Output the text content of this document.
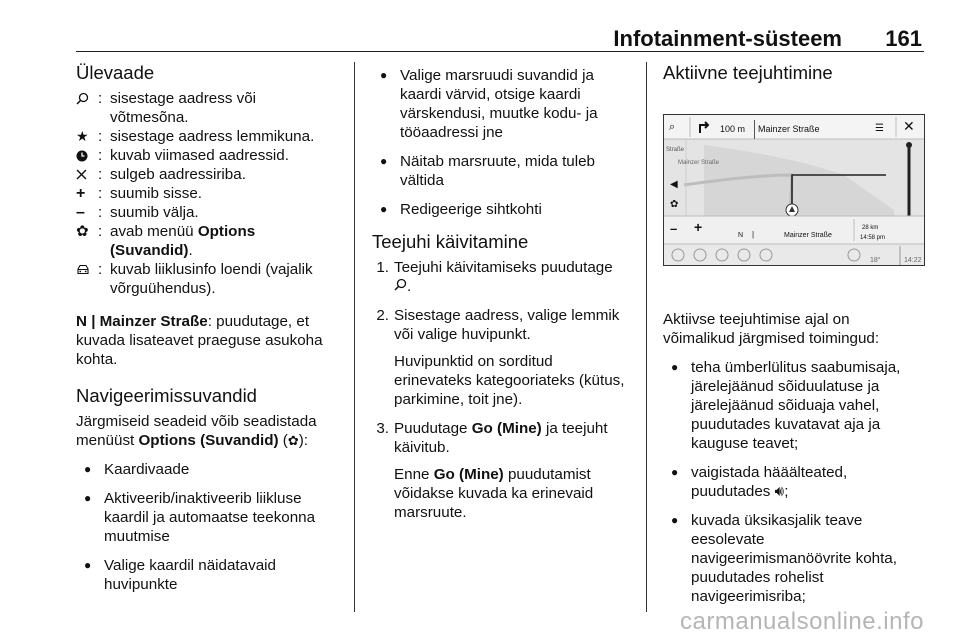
Infotainment-süsteem 161
Ülevaade
: sisestage aadress või võtmesõna.
★ : sisestage aadress lemmikuna.
: kuvab viimased aadressid.
: sulgeb aadressiriba.
+ : suumib sisse.
– : suumib välja.
✿ : avab menüü Options (Suvandid).
: kuvab liiklusinfo loendi (vajalik võrguühendus).

N | Mainzer Straße: puudutage, et kuvada lisateavet praeguse asukoha kohta.

Navigeerimissuvandid

Järgmiseid seadeid võib seadistada menüüst Options (Suvandid) (✿):

● Kaardivaade
● Aktiveerib/inaktiveerib liikluse kaardil ja automaatse teekonna muutmise
● Valige kaardil näidatavaid huvipunkte
● Valige marsruudi suvandid ja kaardi värvid, otsige kaardi värskendusi, muutke kodu- ja tööaadressi jne
● Näitab marsruute, mida tuleb vältida
● Redigeerige sihtkohti
Teejuhi käivitamine
1. Teejuhi käivitamiseks puudutage
.

2. Sisestage aadress, valige lemmik või valige huvipunkt.

Huvipunktid on sorditud erinevateks kategooriateks (kütus, parkimine, toit jne).

3. Puudutage Go (Mine) ja teejuht käivitub.

Enne Go (Mine) puudutamist võidakse kuvada ka erinevaid marsruute.

Aktiivne teejuhtimine
⌕	100 m	Mainzer Straße	☰ ✕
Straße
Mainzer Straße
◀
✿
– +
N |	Mainzer Straße
28 km
14:58 pm
18°	14:22

Aktiivse teejuhtimise ajal on võimalikud järgmised toimingud:

● teha ümberlülitus saabumisaja, järelejäänud sõiduulatuse ja järelejäänud sõiduaja vahel, puudutades kuvatavat aja ja kauguse teavet;
● vaigistada hääälteated, puudutades 🔊︎;
● kuvada üksikasjalik teave eesolevate navigeerimismanöövrite kohta, puudutades rohelist navigeerimisriba;
carmanualsonline.info
